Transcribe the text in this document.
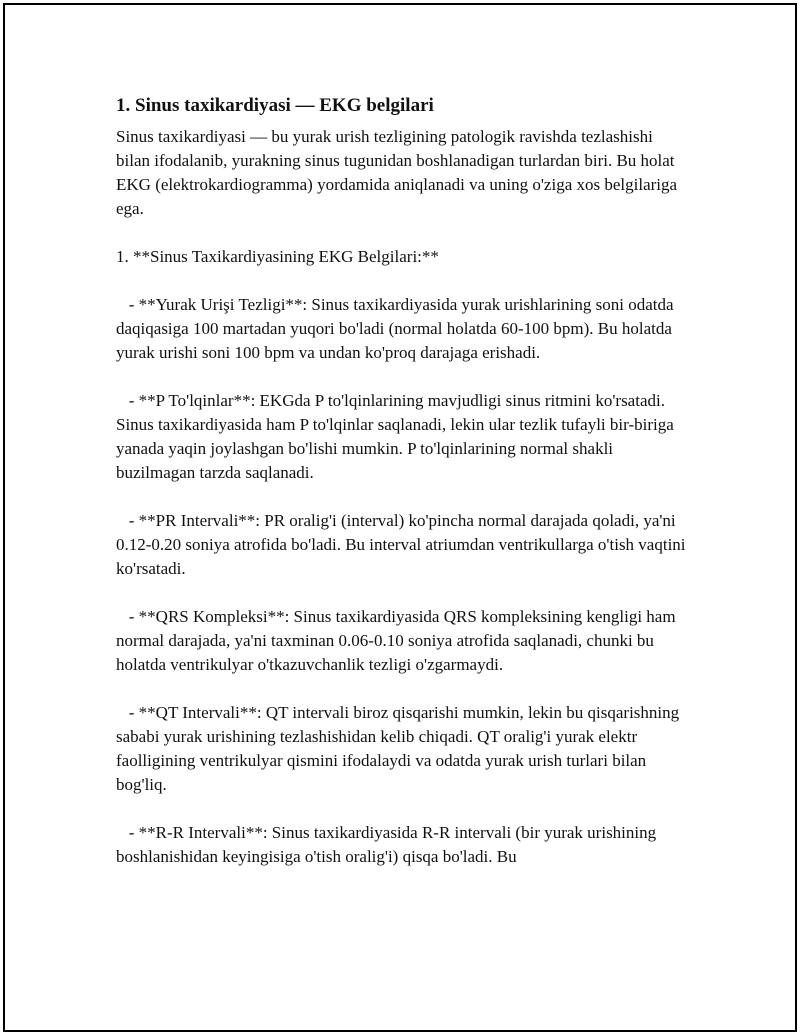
1. Sinus taxikardiyasi — EKG belgilari

Sinus taxikardiyasi — bu yurak urish tezligining patologik ravishda tezlashishi bilan ifodalanib, yurakning sinus tugunidan boshlanadigan turlardan biri. Bu holat EKG (elektrokardiogramma) yordamida aniqlanadi va uning o'ziga xos belgilariga ega.

1. **Sinus Taxikardiyasining EKG Belgilari:**

- **Yurak Urişi Tezligi**: Sinus taxikardiyasida yurak urishlarining soni odatda daqiqasiga 100 martadan yuqori bo'ladi (normal holatda 60-100 bpm). Bu holatda yurak urishi soni 100 bpm va undan ko'proq darajaga erishadi.

- **P To'lqinlar**: EKGda P to'lqinlarining mavjudligi sinus ritmini ko'rsatadi. Sinus taxikardiyasida ham P to'lqinlar saqlanadi, lekin ular tezlik tufayli bir-biriga yanada yaqin joylashgan bo'lishi mumkin. P to'lqinlarining normal shakli buzilmagan tarzda saqlanadi.

- **PR Intervali**: PR oralig'i (interval) ko'pincha normal darajada qoladi, ya'ni 0.12-0.20 soniya atrofida bo'ladi. Bu interval atriumdan ventrikullarga o'tish vaqtini ko'rsatadi.

- **QRS Kompleksi**: Sinus taxikardiyasida QRS kompleksining kengligi ham normal darajada, ya'ni taxminan 0.06-0.10 soniya atrofida saqlanadi, chunki bu holatda ventrikulyar o'tkazuvchanlik tezligi o'zgarmaydi.

- **QT Intervali**: QT intervali biroz qisqarishi mumkin, lekin bu qisqarishning sababi yurak urishining tezlashishidan kelib chiqadi. QT oralig'i yurak elektr faolligining ventrikulyar qismini ifodalaydi va odatda yurak urish turlari bilan bog'liq.

- **R-R Intervali**: Sinus taxikardiyasida R-R intervali (bir yurak urishining boshlanishidan keyingisiga o'tish oralig'i) qisqa bo'ladi. Bu
